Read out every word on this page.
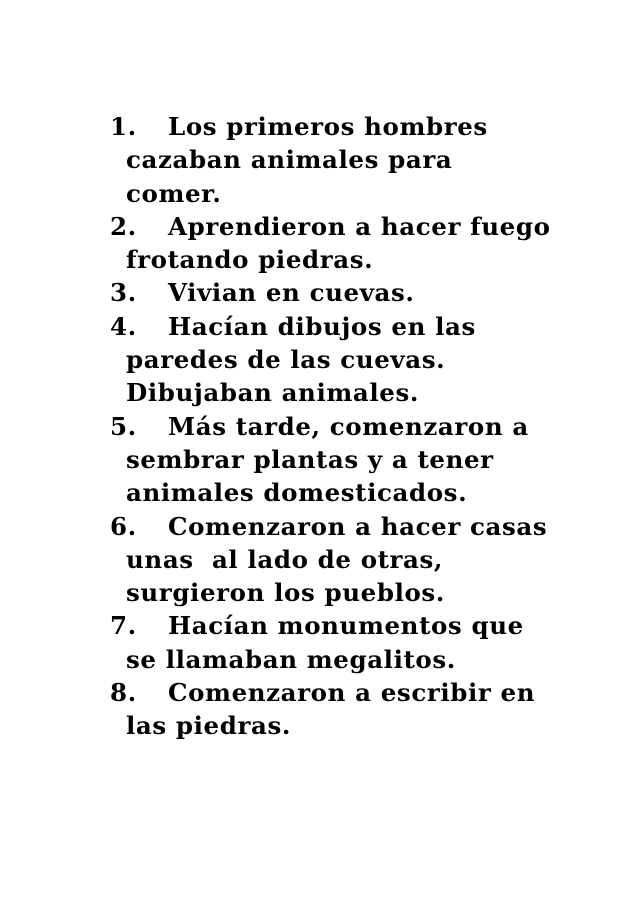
1. Los primeros hombres
cazaban animales para
comer.
2. Aprendieron a hacer fuego
frotando piedras.
3. Vivian en cuevas.
4. Hacían dibujos en las
paredes de las cuevas.
Dibujaban animales.
5. Más tarde, comenzaron a
sembrar plantas y a tener
animales domesticados.
6. Comenzaron a hacer casas
unas  al lado de otras,
surgieron los pueblos.
7. Hacían monumentos que
se llamaban megalitos.
8. Comenzaron a escribir en
las piedras.
